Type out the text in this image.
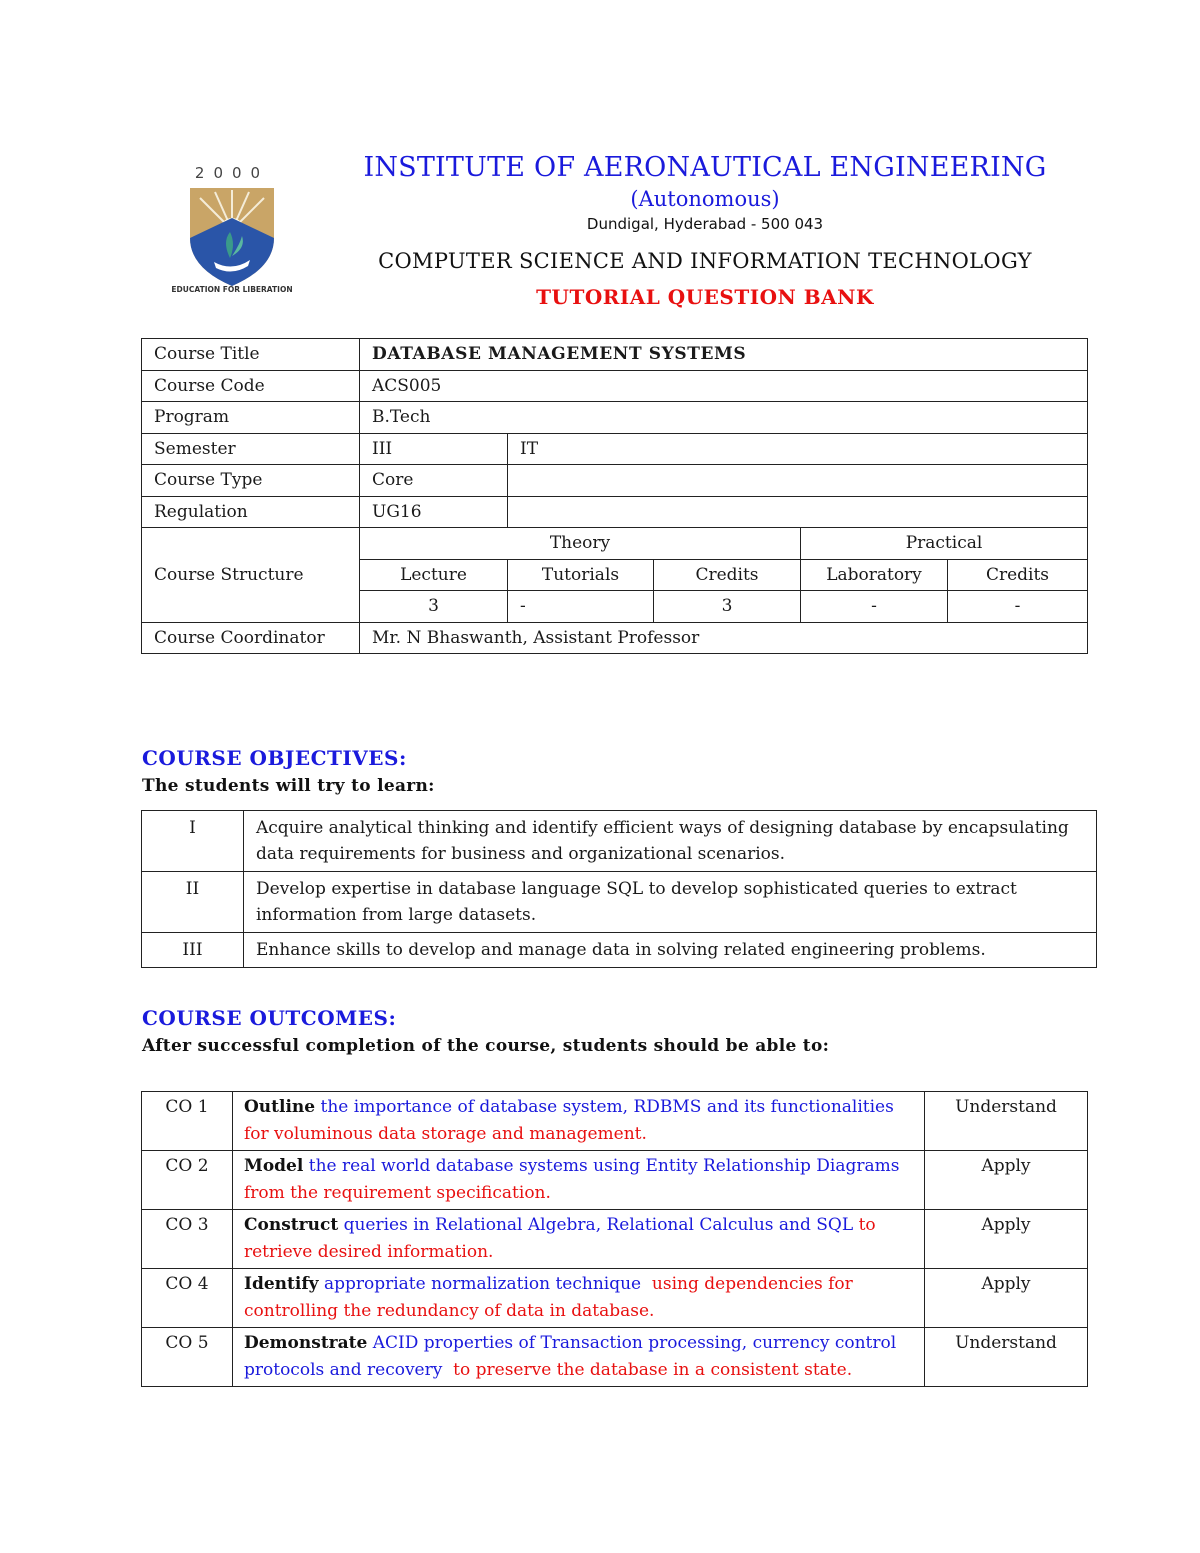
2000
EDUCATION FOR LIBERATION
INSTITUTE OF AERONAUTICAL ENGINEERING
(Autonomous)
Dundigal, Hyderabad - 500 043
COMPUTER SCIENCE AND INFORMATION TECHNOLOGY
TUTORIAL QUESTION BANK
Course Title	DATABASE MANAGEMENT SYSTEMS				
Course Code	ACS005				
Program	B.Tech				
Semester	III	IT			
Course Type	Core				
Regulation	UG16				
Course Structure	Theory			Practical	
	Lecture	Tutorials	Credits	Laboratory	Credits
	3	-	3	-	-
Course Coordinator	Mr. N Bhaswanth, Assistant Professor				
COURSE OBJECTIVES:
The students will try to learn:
I	Acquire analytical thinking and identify efficient ways of designing database by encapsulating data requirements for business and organizational scenarios.
II	Develop expertise in database language SQL to develop sophisticated queries to extract information from large datasets.
III	Enhance skills to develop and manage data in solving related engineering problems.
COURSE OUTCOMES:
After successful completion of the course, students should be able to:
CO 1	Outline the importance of database system, RDBMS and its functionalities  for voluminous data storage and management.	Understand
CO 2	Model the real world database systems using Entity Relationship Diagrams  from the requirement specification.	Apply
CO 3	Construct queries in Relational Algebra, Relational Calculus and SQL to retrieve desired information.	Apply
CO 4	Identify appropriate normalization technique using dependencies for controlling the redundancy of data in database.	Apply
CO 5	Demonstrate ACID properties of Transaction processing, currency control protocols and recovery to preserve the database in a consistent state.	Understand
